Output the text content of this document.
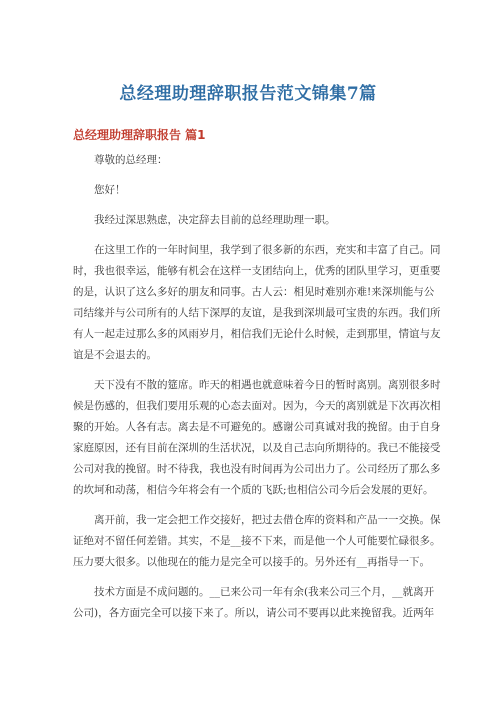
总经理助理辞职报告范文锦集7篇
总经理助理辞职报告 篇1

尊敬的总经理：

您好！

我经过深思熟虑，决定辞去目前的总经理助理一职。

在这里工作的一年时间里，我学到了很多新的东西，充实和丰富了自己。同
时，我也很幸运，能够有机会在这样一支团结向上，优秀的团队里学习，更重要
的是，认识了这么多好的朋友和同事。古人云：相见时难别亦难!来深圳能与公
司结缘并与公司所有的人结下深厚的友谊，是我到深圳最可宝贵的东西。我们所
有人一起走过那么多的风雨岁月，相信我们无论什么时候，走到那里，情谊与友
谊是不会退去的。

天下没有不散的筵席。昨天的相遇也就意味着今日的暂时离别。离别很多时
候是伤感的，但我们要用乐观的心态去面对。因为，今天的离别就是下次再次相
聚的开始。人各有志。离去是不可避免的。感谢公司真诚对我的挽留。由于自身
家庭原因，还有目前在深圳的生活状况，以及自己志向所期待的。我已不能接受
公司对我的挽留。时不待我，我也没有时间再为公司出力了。公司经历了那么多
的坎坷和动荡，相信今年将会有一个质的飞跃;也相信公司今后会发展的更好。

离开前，我一定会把工作交接好，把过去借仓库的资料和产品一一交换。保
证绝对不留任何差错。其实，不是__接不下来，而是他一个人可能要忙碌很多。
压力要大很多。以他现在的能力是完全可以接手的。另外还有__再指导一下。

技术方面是不成问题的。__已来公司一年有余(我来公司三个月，__就离开
公司)，各方面完全可以接下来了。所以，请公司不要再以此来挽留我。近两年
